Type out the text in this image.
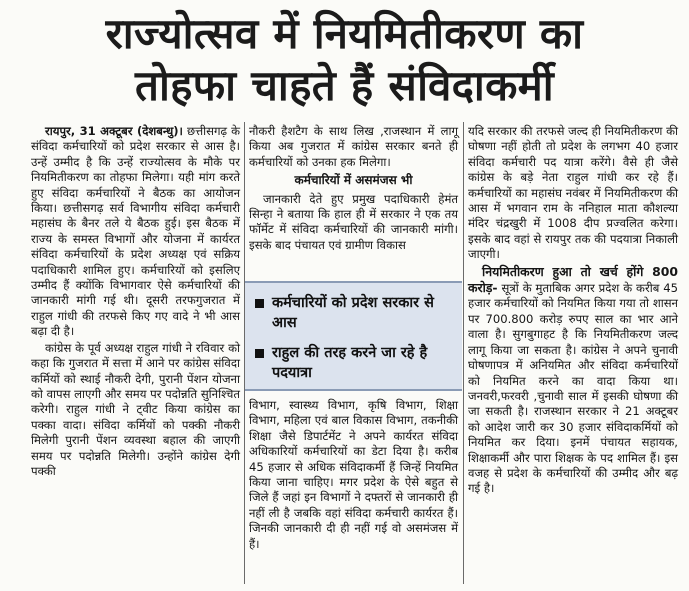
राज्योत्सव में नियमितीकरण का
तोहफा चाहते हैं संविदाकर्मी

रायपुर, 31 अक्टूबर (देशबन्धु)। छत्तीसगढ़ के संविदा कर्मचारियों को प्रदेश सरकार से आस है। उन्हें उम्मीद है कि उन्हें राज्योत्सव के मौके पर नियमितीकरण का तोहफा मिलेगा। यही मांग करते हुए संविदा कर्मचारियों ने बैठक का आयोजन किया। छत्तीसगढ़ सर्व विभागीय संविदा कर्मचारी महासंघ के बैनर तले ये बैठक हुई। इस बैठक में राज्य के समस्त विभागों और योजना में कार्यरत संविदा कर्मचारियों के प्रदेश अध्यक्ष एवं सक्रिय पदाधिकारी शामिल हुए। कर्मचारियों को इसलिए उम्मीद हैं क्योंकि विभागवार ऐसे कर्मचारियों की जानकारी मांगी गई थी। दूसरी तरफगुजरात में राहुल गांधी की तरफसे किए गए वादे ने भी आस बढ़ा दी है।

कांग्रेस के पूर्व अध्यक्ष राहुल गांधी ने रविवार को कहा कि गुजरात में सत्ता में आने पर कांग्रेस संविदा कर्मियों को स्थाई नौकरी देगी, पुरानी पेंशन योजना को वापस लाएगी और समय पर पदोन्नति सुनिश्चित करेगी। राहुल गांधी ने ट्वीट किया कांग्रेस का पक्का वादा। संविदा कर्मियों को पक्की नौकरी मिलेगी पुरानी पेंशन व्यवस्था बहाल की जाएगी समय पर पदोन्नति मिलेगी। उन्होंने कांग्रेस देगी पक्की

नौकरी हैशटैग के साथ लिख ,राजस्थान में लागू किया अब गुजरात में कांग्रेस सरकार बनते ही कर्मचारियों को उनका हक मिलेगा।

कर्मचारियों में असमंजस भी

जानकारी देते हुए प्रमुख पदाधिकारी हेमंत सिन्हा ने बताया कि हाल ही में सरकार ने एक तय फॉर्मेट में संविदा कर्मचारियों की जानकारी मांगी। इसके बाद पंचायत एवं ग्रामीण विकास

कर्मचारियों को प्रदेश सरकार से आस
राहुल की तरह करने जा रहे है पदयात्रा

विभाग, स्वास्थ्य विभाग, कृषि विभाग, शिक्षा विभाग, महिला एवं बाल विकास विभाग, तकनीकी शिक्षा जैसे डिपार्टमेंट ने अपने कार्यरत संविदा अधिकारियों कर्मचारियों का डेटा दिया है। करीब 45 हजार से अधिक संविदाकर्मी हैं जिन्हें नियमित किया जाना चाहिए। मगर प्रदेश के ऐसे बहुत से जिले हैं जहां इन विभागों ने दफ्तरों से जानकारी ही नहीं ली है जबकि वहां संविदा कर्मचारी कार्यरत हैं। जिनकी जानकारी दी ही नहीं गई वो असमंजस में हैं।

यदि सरकार की तरफसे जल्द ही नियमितीकरण की घोषणा नहीं होती तो प्रदेश के लगभग 40 हजार संविदा कर्मचारी पद यात्रा करेंगे। वैसे ही जैसे कांग्रेस के बड़े नेता राहुल गांधी कर रहे हैं। कर्मचारियों का महासंघ नवंबर में नियमितीकरण की आस में भगवान राम के ननिहाल माता कौशल्या मंदिर चंद्रखुरी में 1008 दीप प्रज्वलित करेगा। इसके बाद वहां से रायपुर तक की पदयात्रा निकाली जाएगी।

नियमितीकरण हुआ तो खर्च होंगे 800 करोड़- सूत्रों के मुताबिक अगर प्रदेश के करीब 45 हजार कर्मचारियों को नियमित किया गया तो शासन पर 700.800 करोड़ रुपए साल का भार आने वाला है। सुगबुगाहट है कि नियमितीकरण जल्द लागू किया जा सकता है। कांग्रेस ने अपने चुनावी घोषणापत्र में अनियमित और संविदा कर्मचारियों को नियमित करने का वादा किया था। जनवरी,फरवरी ,चुनावी साल में इसकी घोषणा की जा सकती है। राजस्थान सरकार ने 21 अक्टूबर को आदेश जारी कर 30 हजार संविदाकर्मियों को नियमित कर दिया। इनमें पंचायत सहायक, शिक्षाकर्मी और पारा शिक्षक के पद शामिल हैं। इस वजह से प्रदेश के कर्मचारियों की उम्मीद और बढ़ गई है।
